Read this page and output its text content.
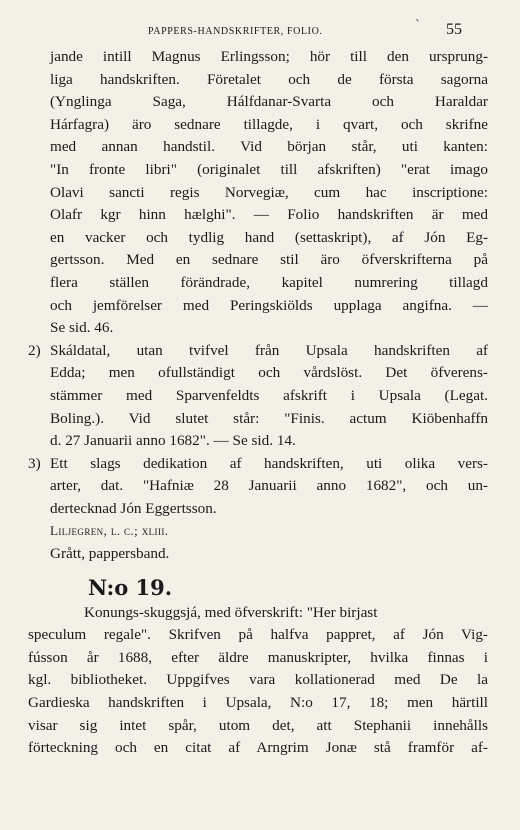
PAPPERS-HANDSKRIFTER, FOLIO.	` 55
jande intill Magnus Erlingsson; hör till den ursprung-
liga handskriften. Företalet och de första sagorna
(Ynglinga Saga, Hálfdanar-Svarta och Haraldar
Hárfagra) äro sednare tillagde, i qvart, och skrifne
med annan handstil. Vid början står, uti kanten:
"In fronte libri" (originalet till afskriften) "erat imago
Olavi sancti regis Norvegiæ, cum hac inscriptione:
Olafr kgr hinn hælghi". — Folio handskriften är med
en vacker och tydlig hand (settaskript), af Jón Eg-
gertsson. Med en sednare stil äro öfverskrifterna på
flera ställen förändrade, kapitel numrering tillagd
och jemförelser med Peringskiölds upplaga angifna. —
Se sid. 46.
2) Skáldatal, utan tvifvel från Upsala handskriften af
Edda; men ofullständigt och vårdslöst. Det öfverens-
stämmer med Sparvenfeldts afskrift i Upsala (Legat.
Boling.). Vid slutet står: "Finis. actum Kiöbenhaffn
d. 27 Januarii anno 1682". — Se sid. 14.
3) Ett slags dedikation af handskriften, uti olika vers-
arter, dat. "Hafniæ 28 Januarii anno 1682", och un-
dertecknad Jón Eggertsson.
Liljegren, l. c.; xliii.
Grått, pappersband.
N:o 19.
Konungs-skuggsjá, med öfverskrift: "Her birjast
speculum regale". Skrifven på halfva pappret, af Jón Vig-
fússon år 1688, efter äldre manuskripter, hvilka finnas i
kgl. bibliotheket. Uppgifves vara kollationerad med De la
Gardieska handskriften i Upsala, N:o 17, 18; men härtill
visar sig intet spår, utom det, att Stephanii innehålls
förteckning och en citat af Arngrim Jonæ stå framför af-
